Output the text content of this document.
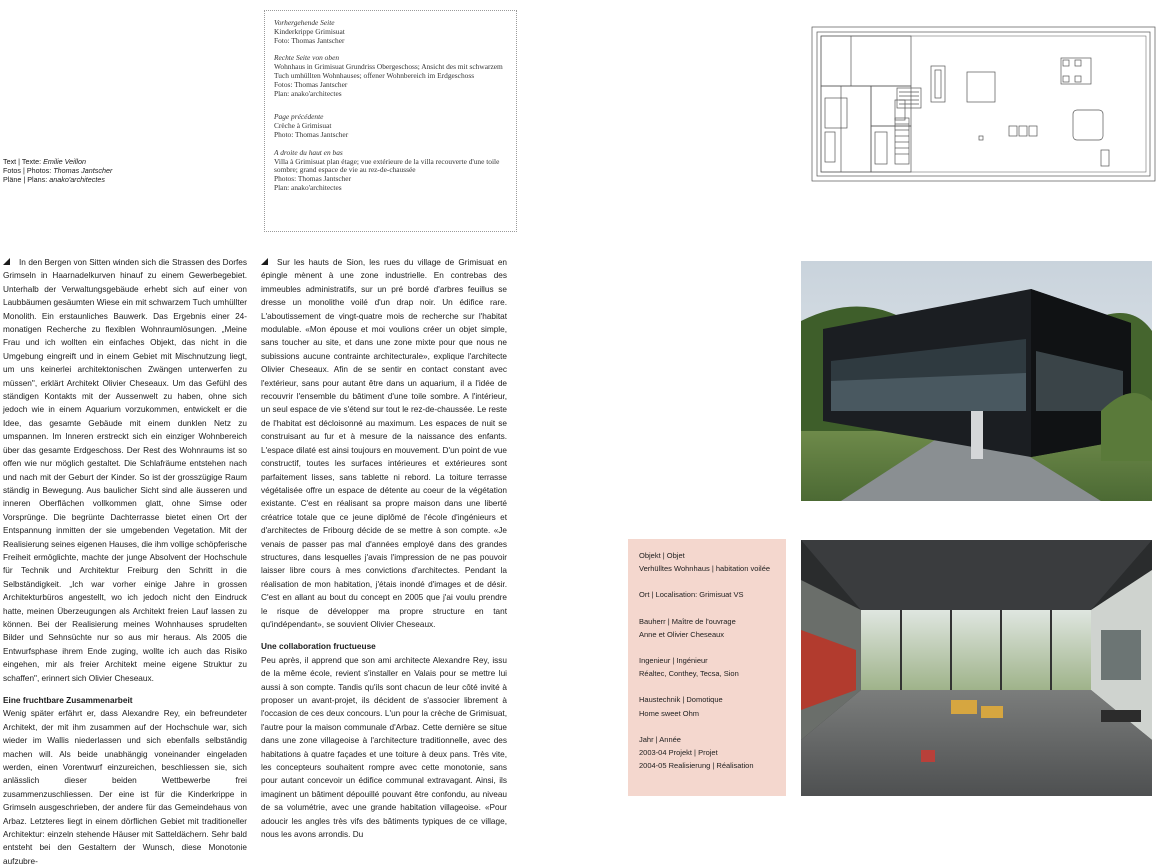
Text | Texte: Emilie Veillon
Fotos | Photos: Thomas Jantscher
Pläne | Plans: anako'architectes
Vorhergehende Seite
Kinderkrippe Grimisuat
Foto: Thomas Jantscher
Rechte Seite von oben
Wohnhaus in Grimisuat Grundriss Obergeschoss; Ansicht des mit schwarzem Tuch umhüllten Wohnhauses; offener Wohnbereich im Erdgeschoss
Fotos: Thomas Jantscher
Plan: anako'architectes
Page précédente
Crèche à Grimisuat
Photo: Thomas Jantscher
A droite du haut en bas
Villa à Grimisuat plan étage; vue extérieure de la villa recouverte d'une toile sombre; grand espace de vie au rez-de-chaussée
Photos: Thomas Jantscher
Plan: anako'architectes

In den Bergen von Sitten winden sich die Strassen des Dorfes Grimseln in Haarnadelkurven hinauf zu einem Gewerbegebiet. Unterhalb der Verwaltungsgebäude erhebt sich auf einer von Laubbäumen gesäumten Wiese ein mit schwarzem Tuch umhüllter Monolith. Ein erstaunliches Bauwerk. Das Ergebnis einer 24-monatigen Recherche zu flexiblen Wohnraumlösungen. „Meine Frau und ich wollten ein einfaches Objekt, das nicht in die Umgebung eingreift und in einem Gebiet mit Mischnutzung liegt, um uns keinerlei architektonischen Zwängen unterwerfen zu müssen", erklärt Architekt Olivier Cheseaux. Um das Gefühl des ständigen Kontakts mit der Aussenwelt zu haben, ohne sich jedoch wie in einem Aquarium vorzukommen, entwickelt er die Idee, das gesamte Gebäude mit einem dunklen Netz zu umspannen. Im Inneren erstreckt sich ein einziger Wohnbereich über das gesamte Erdgeschoss. Der Rest des Wohnraums ist so offen wie nur möglich gestaltet. Die Schlafräume entstehen nach und nach mit der Geburt der Kinder. So ist der grosszügige Raum ständig in Bewegung. Aus baulicher Sicht sind alle äusseren und inneren Oberflächen vollkommen glatt, ohne Simse oder Vorsprünge. Die begrünte Dachterrasse bietet einen Ort der Entspannung inmitten der sie umgebenden Vegetation. Mit der Realisierung seines eigenen Hauses, die ihm vollige schöpferische Freiheit ermöglichte, machte der junge Absolvent der Hochschule für Technik und Architektur Freiburg den Schritt in die Selbständigkeit. „Ich war vorher einige Jahre in grossen Architekturbüros angestellt, wo ich jedoch nicht den Eindruck hatte, meinen Überzeugungen als Architekt freien Lauf lassen zu können. Bei der Realisierung meines Wohnhauses sprudelten Bilder und Sehnsüchte nur so aus mir heraus. Als 2005 die Entwurfsphase ihrem Ende zuging, wollte ich auch das Risiko eingehen, mir als freier Architekt meine eigene Struktur zu schaffen", erinnert sich Olivier Cheseaux.

Eine fruchtbare Zusammenarbeit

Wenig später erfährt er, dass Alexandre Rey, ein befreundeter Architekt, der mit ihm zusammen auf der Hochschule war, sich wieder im Wallis niederlassen und sich ebenfalls selbständig machen will. Als beide unabhängig voneinander eingeladen werden, einen Vorentwurf einzureichen, beschliessen sie, sich anlässlich dieser beiden Wettbewerbe frei zusammenzuschliessen. Der eine ist für die Kinderkrippe in Grimseln ausgeschrieben, der andere für das Gemeindehaus von Arbaz. Letzteres liegt in einem dörflichen Gebiet mit traditioneller Architektur: einzeln stehende Häuser mit Satteldächern. Sehr bald entsteht bei den Gestaltern der Wunsch, diese Monotonie aufzubre-

Sur les hauts de Sion, les rues du village de Grimisuat en épingle mènent à une zone industrielle. En contrebas des immeubles administratifs, sur un pré bordé d'arbres feuillus se dresse un monolithe voilé d'un drap noir. Un édifice rare. L'aboutissement de vingt-quatre mois de recherche sur l'habitat modulable. «Mon épouse et moi voulions créer un objet simple, sans toucher au site, et dans une zone mixte pour que nous ne subissions aucune contrainte architecturale», explique l'architecte Olivier Cheseaux. Afin de se sentir en contact constant avec l'extérieur, sans pour autant être dans un aquarium, il a l'idée de recouvrir l'ensemble du bâtiment d'une toile sombre. A l'intérieur, un seul espace de vie s'étend sur tout le rez-de-chaussée. Le reste de l'habitat est décloisonné au maximum. Les espaces de nuit se construisant au fur et à mesure de la naissance des enfants. L'espace dilaté est ainsi toujours en mouvement. D'un point de vue constructif, toutes les surfaces intérieures et extérieures sont parfaitement lisses, sans tablette ni rebord. La toiture terrasse végétalisée offre un espace de détente au coeur de la végétation existante. C'est en réalisant sa propre maison dans une liberté créatrice totale que ce jeune diplômé de l'école d'ingénieurs et d'architectes de Fribourg décide de se mettre à son compte. «Je venais de passer pas mal d'années employé dans des grandes structures, dans lesquelles j'avais l'impression de ne pas pouvoir laisser libre cours à mes convictions d'architectes. Pendant la réalisation de mon habitation, j'étais inondé d'images et de désir. C'est en allant au bout du concept en 2005 que j'ai voulu prendre le risque de développer ma propre structure en tant qu'indépendant», se souvient Olivier Cheseaux.

Une collaboration fructueuse

Peu après, il apprend que son ami architecte Alexandre Rey, issu de la même école, revient s'installer en Valais pour se mettre lui aussi à son compte. Tandis qu'ils sont chacun de leur côté invité à proposer un avant-projet, ils décident de s'associer librement à l'occasion de ces deux concours. L'un pour la crèche de Grimisuat, l'autre pour la maison communale d'Arbaz. Cette dernière se situe dans une zone villageoise à l'architecture traditionnelle, avec des habitations à quatre façades et une toiture à deux pans. Très vite, les concepteurs souhaitent rompre avec cette monotonie, sans pour autant concevoir un édifice communal extravagant. Ainsi, ils imaginent un bâtiment dépouillé pouvant être confondu, au niveau de sa volumétrie, avec une grande habitation villageoise. «Pour adoucir les angles très vifs des bâtiments typiques de ce village, nous les avons arrondis. Du

Objekt | Objet
Verhülltes Wohnhaus | habitation voilée
Ort | Localisation: Grimisuat VS
Bauherr | Maître de l'ouvrage
Anne et Olivier Cheseaux
Ingenieur | Ingénieur
Réaltec, Conthey, Tecsa, Sion
Haustechnik | Domotique
Home sweet Ohm
Jahr | Année
2003-04 Projekt | Projet
2004-05 Realisierung | Réalisation
